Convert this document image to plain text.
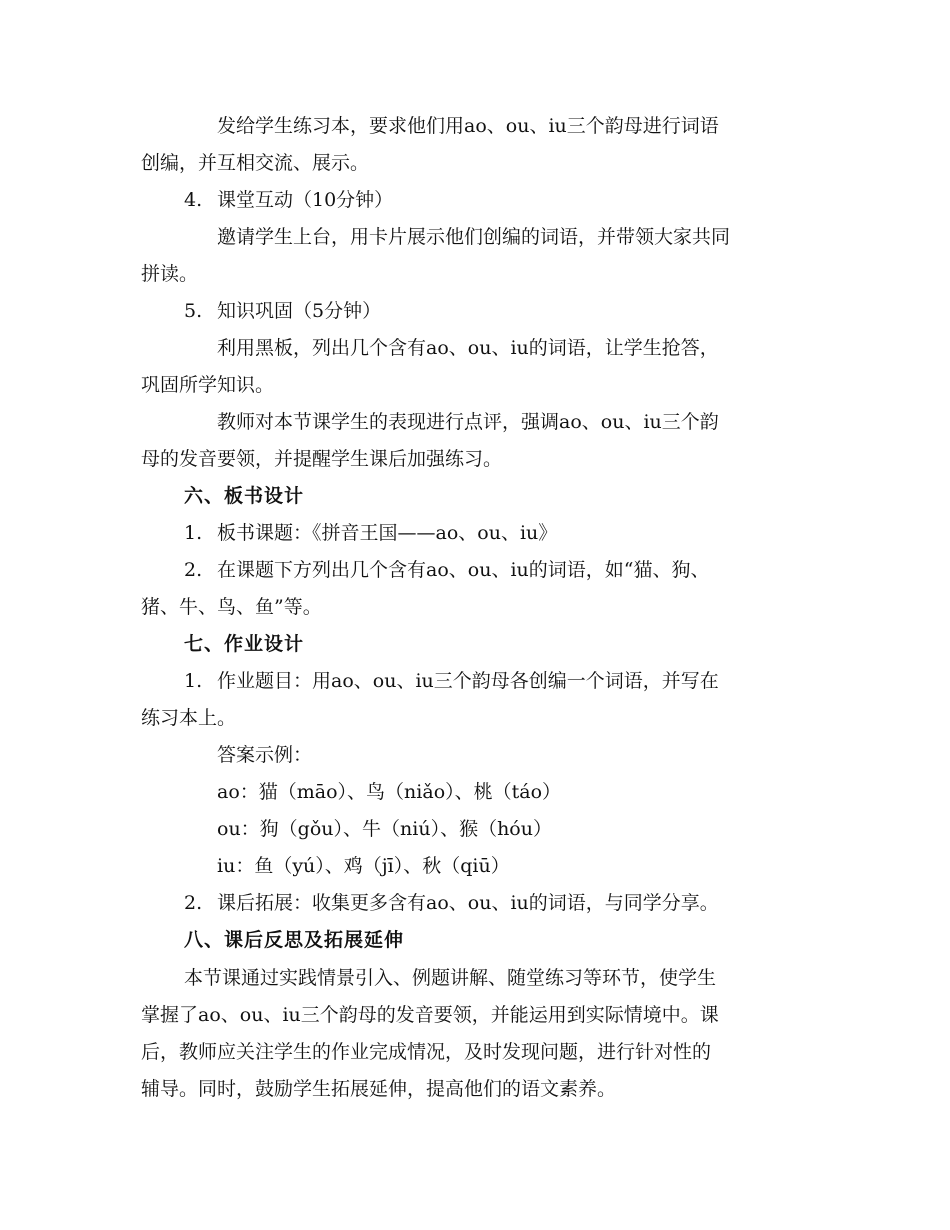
发给学生练习本，要求他们用ao、ou、iu三个韵母进行词语
创编，并互相交流、展示。
4. 课堂互动（10分钟）
邀请学生上台，用卡片展示他们创编的词语，并带领大家共同
拼读。
5. 知识巩固（5分钟）
利用黑板，列出几个含有ao、ou、iu的词语，让学生抢答，
巩固所学知识。
教师对本节课学生的表现进行点评，强调ao、ou、iu三个韵
母的发音要领，并提醒学生课后加强练习。
六、板书设计
1. 板书课题：《拼音王国——ao、ou、iu》
2. 在课题下方列出几个含有ao、ou、iu的词语，如“猫、狗、
猪、牛、鸟、鱼”等。
七、作业设计
1. 作业题目：用ao、ou、iu三个韵母各创编一个词语，并写在
练习本上。
答案示例：
ao：猫（māo）、鸟（niǎo）、桃（táo）
ou：狗（gǒu）、牛（niú）、猴（hóu）
iu：鱼（yú）、鸡（jī）、秋（qiū）
2. 课后拓展：收集更多含有ao、ou、iu的词语，与同学分享。
八、课后反思及拓展延伸
本节课通过实践情景引入、例题讲解、随堂练习等环节，使学生
掌握了ao、ou、iu三个韵母的发音要领，并能运用到实际情境中。课
后，教师应关注学生的作业完成情况，及时发现问题，进行针对性的
辅导。同时，鼓励学生拓展延伸，提高他们的语文素养。
